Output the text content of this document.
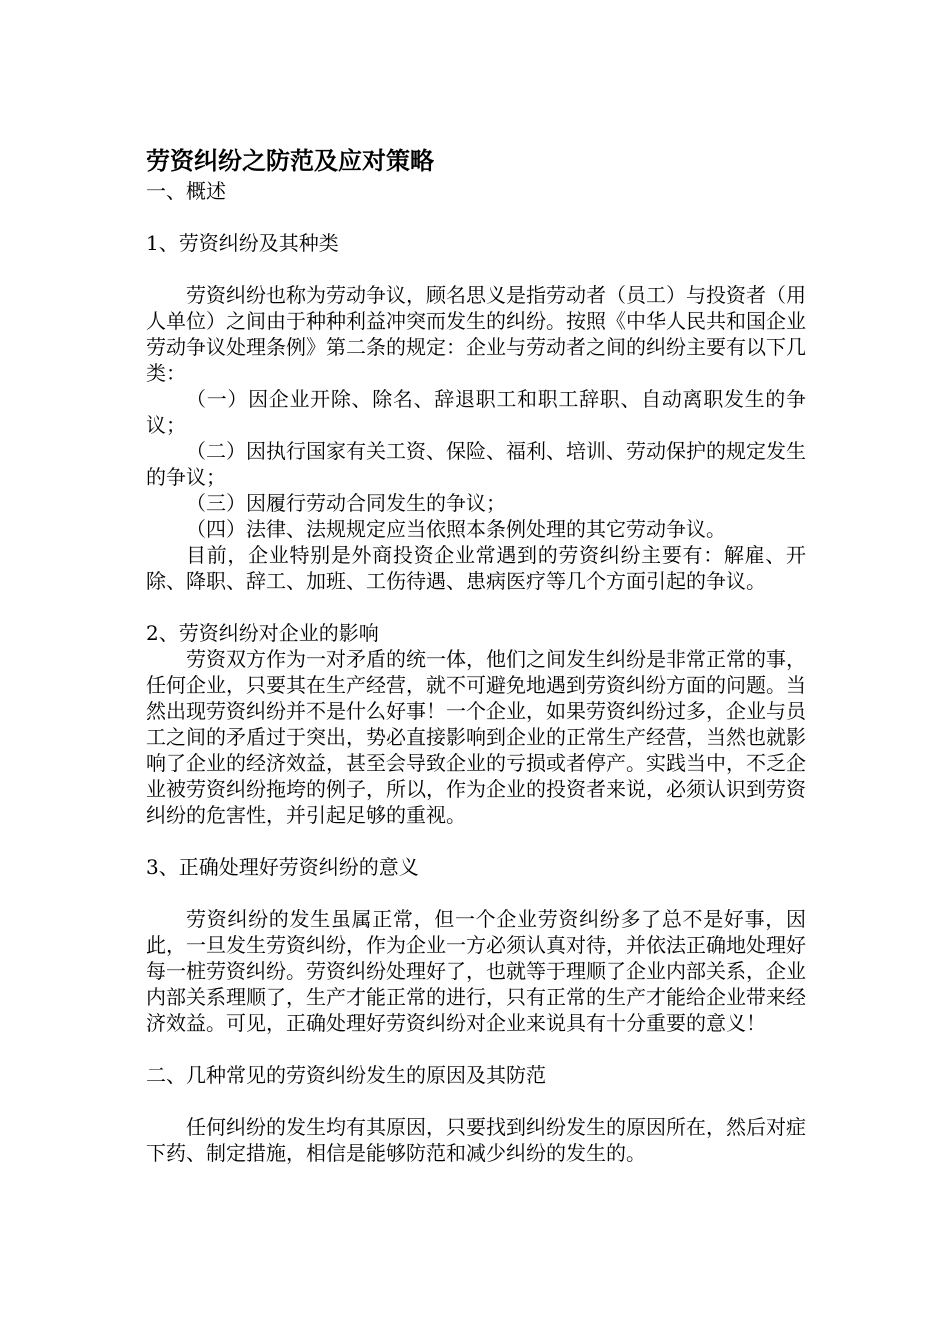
劳资纠纷之防范及应对策略

一、概述

1、劳资纠纷及其种类

劳资纠纷也称为劳动争议，顾名思义是指劳动者（员工）与投资者（用人单位）之间由于种种利益冲突而发生的纠纷。按照《中华人民共和国企业劳动争议处理条例》第二条的规定：企业与劳动者之间的纠纷主要有以下几类：

（一）因企业开除、除名、辞退职工和职工辞职、自动离职发生的争议；

（二）因执行国家有关工资、保险、福利、培训、劳动保护的规定发生的争议；

（三）因履行劳动合同发生的争议；

（四）法律、法规规定应当依照本条例处理的其它劳动争议。

目前，企业特别是外商投资企业常遇到的劳资纠纷主要有：解雇、开除、降职、辞工、加班、工伤待遇、患病医疗等几个方面引起的争议。

2、劳资纠纷对企业的影响

劳资双方作为一对矛盾的统一体，他们之间发生纠纷是非常正常的事，任何企业，只要其在生产经营，就不可避免地遇到劳资纠纷方面的问题。当然出现劳资纠纷并不是什么好事！一个企业，如果劳资纠纷过多，企业与员工之间的矛盾过于突出，势必直接影响到企业的正常生产经营，当然也就影响了企业的经济效益，甚至会导致企业的亏损或者停产。实践当中，不乏企业被劳资纠纷拖垮的例子，所以，作为企业的投资者来说，必须认识到劳资纠纷的危害性，并引起足够的重视。

3、正确处理好劳资纠纷的意义

劳资纠纷的发生虽属正常，但一个企业劳资纠纷多了总不是好事，因此，一旦发生劳资纠纷，作为企业一方必须认真对待，并依法正确地处理好每一桩劳资纠纷。劳资纠纷处理好了，也就等于理顺了企业内部关系，企业内部关系理顺了，生产才能正常的进行，只有正常的生产才能给企业带来经济效益。可见，正确处理好劳资纠纷对企业来说具有十分重要的意义！

二、几种常见的劳资纠纷发生的原因及其防范

任何纠纷的发生均有其原因，只要找到纠纷发生的原因所在，然后对症下药、制定措施，相信是能够防范和减少纠纷的发生的。
